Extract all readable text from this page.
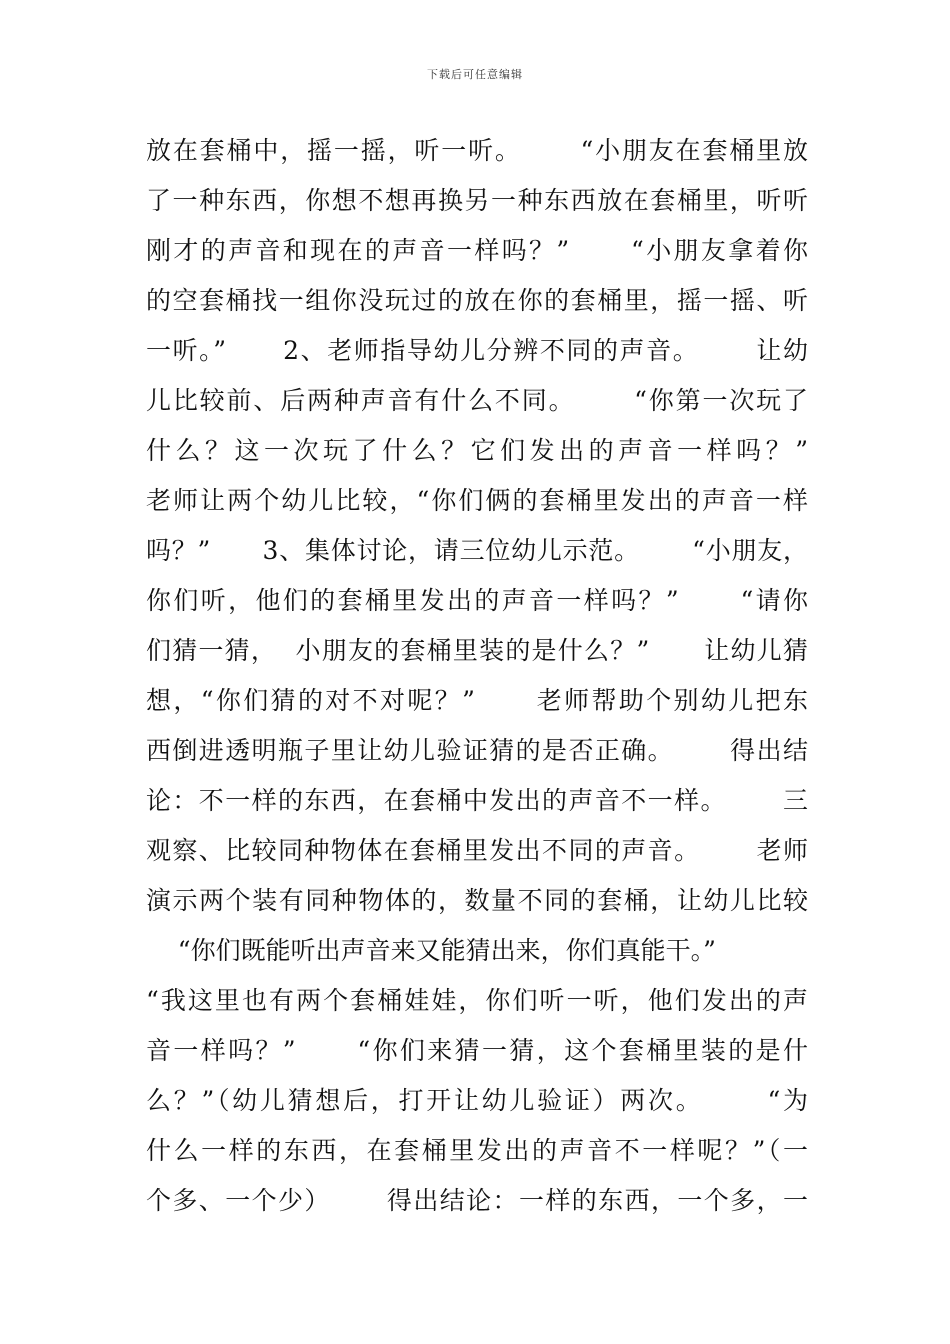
下载后可任意编辑
放在套桶中，摇一摇，听一听。      “小朋友在套桶里放
了一种东西，你想不想再换另一种东西放在套桶里，听听
刚才的声音和现在的声音一样吗？”      “小朋友拿着你
的空套桶找一组你没玩过的放在你的套桶里，摇一摇、听
一听。”      2、老师指导幼儿分辨不同的声音。      让幼
儿比较前、后两种声音有什么不同。      “你第一次玩了
什么？这一次玩了什么？它们发出的声音一样吗？”
老师让两个幼儿比较，“你们俩的套桶里发出的声音一样
吗？”      3、集体讨论，请三位幼儿示范。      “小朋友，
你们听，他们的套桶里发出的声音一样吗？”      “请你
们猜一猜，  小朋友的套桶里装的是什么？”      让幼儿猜
想，“你们猜的对不对呢？”      老师帮助个别幼儿把东
西倒进透明瓶子里让幼儿验证猜的是否正确。      得出结
论：不一样的东西，在套桶中发出的声音不一样。      三
观察、比较同种物体在套桶里发出不同的声音。      老师
演示两个装有同种物体的，数量不同的套桶，让幼儿比较
“你们既能听出声音来又能猜出来，你们真能干。”
“我这里也有两个套桶娃娃，你们听一听，他们发出的声
音一样吗？”      “你们来猜一猜，这个套桶里装的是什
么？”（幼儿猜想后，打开让幼儿验证）两次。      “为
什么一样的东西，在套桶里发出的声音不一样呢？”（一
个多、一个少）      得出结论：一样的东西，一个多，一
